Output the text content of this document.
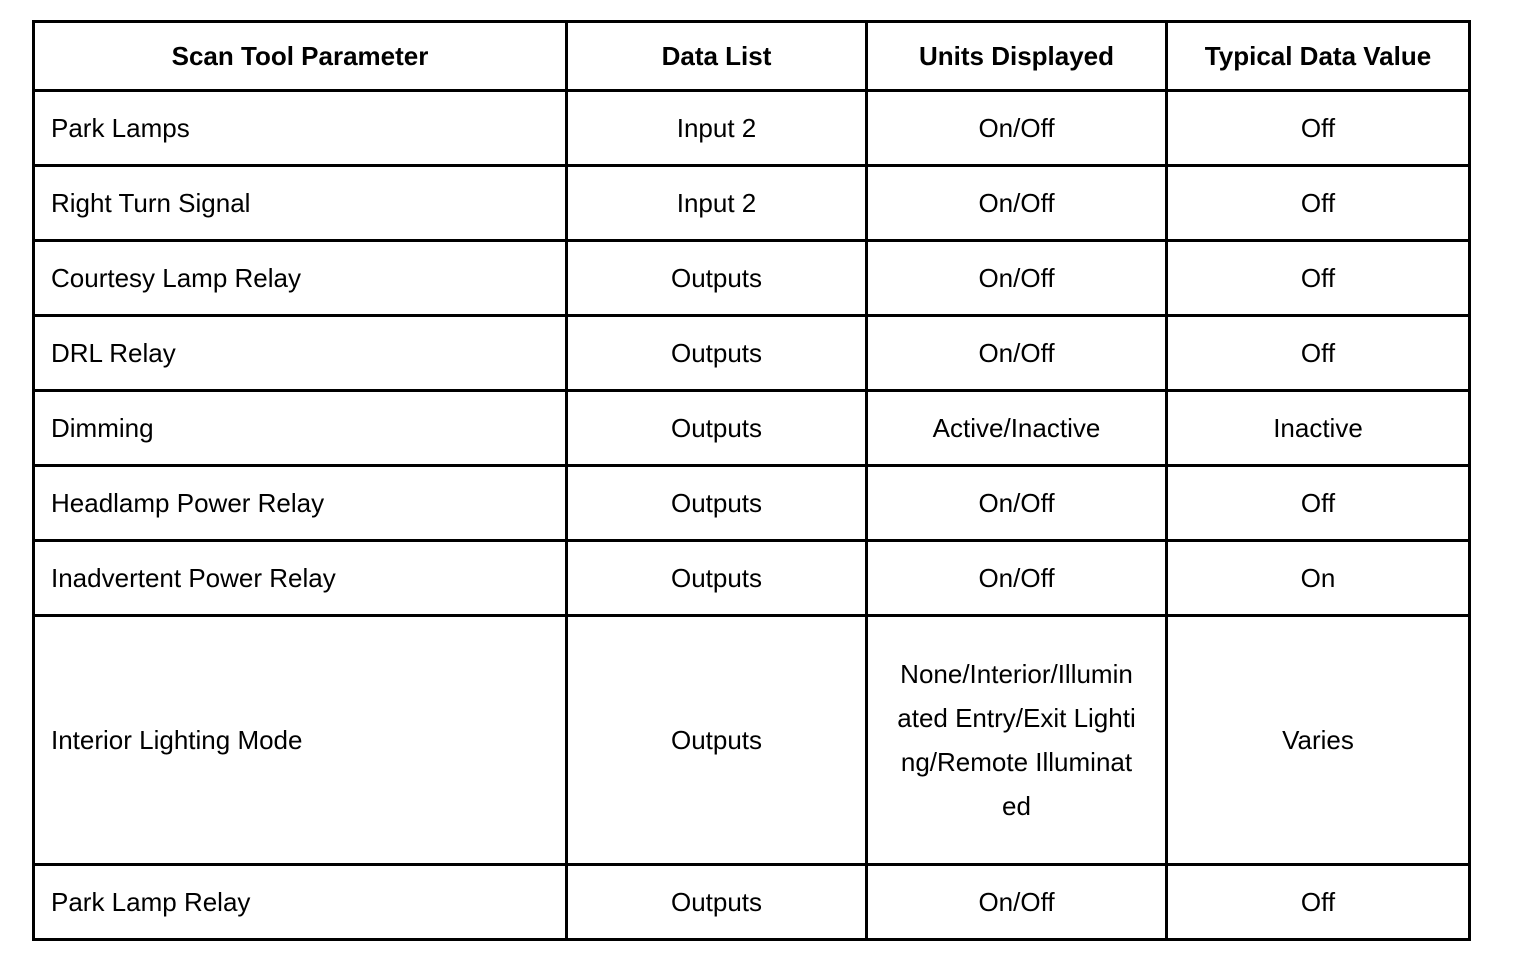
Scan Tool Parameter	Data List	Units Displayed	Typical Data Value
Park Lamps	Input 2	On/Off	Off
Right Turn Signal	Input 2	On/Off	Off
Courtesy Lamp Relay	Outputs	On/Off	Off
DRL Relay	Outputs	On/Off	Off
Dimming	Outputs	Active/Inactive	Inactive
Headlamp Power Relay	Outputs	On/Off	Off
Inadvertent Power Relay	Outputs	On/Off	On
Interior Lighting Mode	Outputs	None/Interior/Illuminated Entry/Exit Lighting/Remote Illuminated	Varies
Park Lamp Relay	Outputs	On/Off	Off
